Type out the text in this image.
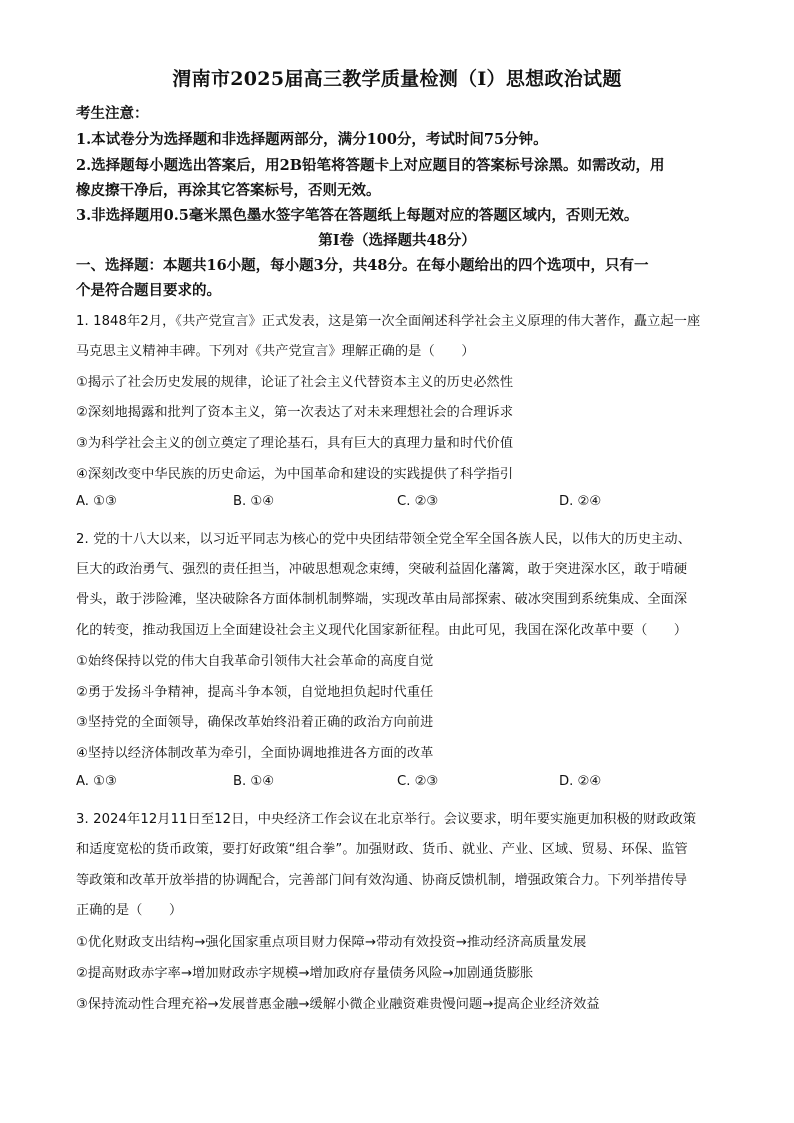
渭南市2025届高三教学质量检测（I）思想政治试题
考生注意：
1.本试卷分为选择题和非选择题两部分，满分100分，考试时间75分钟。
2.选择题每小题选出答案后，用2B铅笔将答题卡上对应题目的答案标号涂黑。如需改动，用
橡皮擦干净后，再涂其它答案标号，否则无效。
3.非选择题用0.5毫米黑色墨水签字笔答在答题纸上每题对应的答题区域内，否则无效。
第Ⅰ卷（选择题共48分）
一、选择题：本题共16小题，每小题3分，共48分。在每小题给出的四个选项中，只有一
个是符合题目要求的。
1. 1848年2月，《共产党宣言》正式发表，这是第一次全面阐述科学社会主义原理的伟大著作，矗立起一座
马克思主义精神丰碑。下列对《共产党宣言》理解正确的是（　　）
①揭示了社会历史发展的规律，论证了社会主义代替资本主义的历史必然性
②深刻地揭露和批判了资本主义，第一次表达了对未来理想社会的合理诉求
③为科学社会主义的创立奠定了理论基石，具有巨大的真理力量和时代价值
④深刻改变中华民族的历史命运，为中国革命和建设的实践提供了科学指引
A. ①③	B. ①④	C. ②③	D. ②④
2. 党的十八大以来，以习近平同志为核心的党中央团结带领全党全军全国各族人民，以伟大的历史主动、
巨大的政治勇气、强烈的责任担当，冲破思想观念束缚，突破利益固化藩篱，敢于突进深水区，敢于啃硬
骨头，敢于涉险滩，坚决破除各方面体制机制弊端，实现改革由局部探索、破冰突围到系统集成、全面深
化的转变，推动我国迈上全面建设社会主义现代化国家新征程。由此可见，我国在深化改革中要（　　）
①始终保持以党的伟大自我革命引领伟大社会革命的高度自觉
②勇于发扬斗争精神，提高斗争本领，自觉地担负起时代重任
③坚持党的全面领导，确保改革始终沿着正确的政治方向前进
④坚持以经济体制改革为牵引，全面协调地推进各方面的改革
A. ①③	B. ①④	C. ②③	D. ②④
3. 2024年12月11日至12日，中央经济工作会议在北京举行。会议要求，明年要实施更加积极的财政政策
和适度宽松的货币政策，要打好政策“组合拳”。加强财政、货币、就业、产业、区域、贸易、环保、监管
等政策和改革开放举措的协调配合，完善部门间有效沟通、协商反馈机制，增强政策合力。下列举措传导
正确的是（　　）
①优化财政支出结构→强化国家重点项目财力保障→带动有效投资→推动经济高质量发展
②提高财政赤字率→增加财政赤字规模→增加政府存量债务风险→加剧通货膨胀
③保持流动性合理充裕→发展普惠金融→缓解小微企业融资难贵慢问题→提高企业经济效益
